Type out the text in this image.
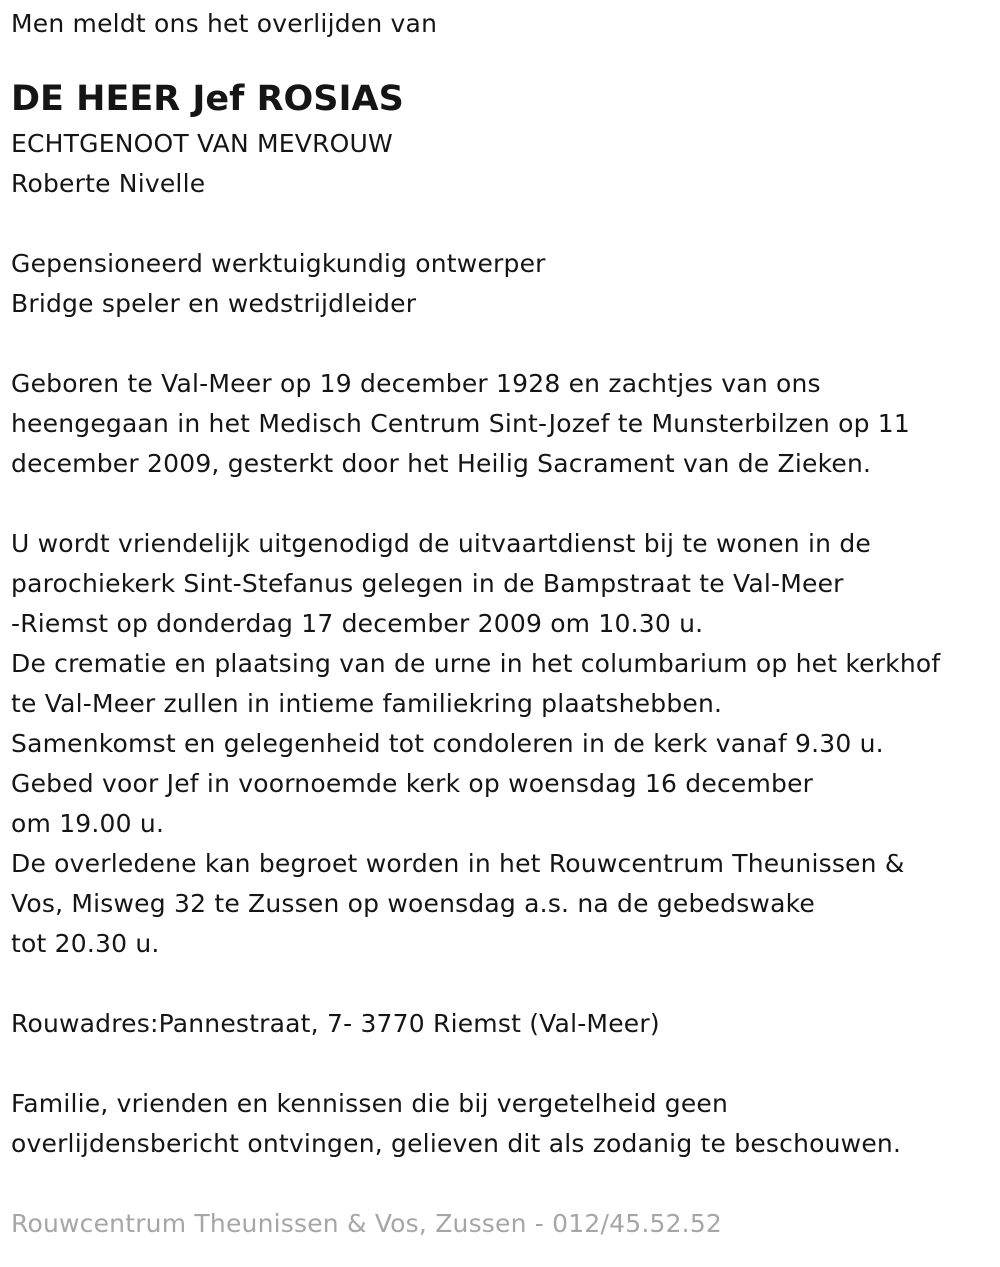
Men meldt ons het overlijden van
DE HEER Jef ROSIAS
ECHTGENOOT VAN MEVROUW
Roberte Nivelle
Gepensioneerd werktuigkundig ontwerper
Bridge speler en wedstrijdleider
Geboren te Val-Meer op 19 december 1928 en zachtjes van ons
heengegaan in het Medisch Centrum Sint-Jozef te Munsterbilzen op 11
december 2009, gesterkt door het Heilig Sacrament van de Zieken.
U wordt vriendelijk uitgenodigd de uitvaartdienst bij te wonen in de
parochiekerk Sint-Stefanus gelegen in de Bampstraat te Val-Meer
-Riemst op donderdag 17 december 2009 om 10.30 u.
De crematie en plaatsing van de urne in het columbarium op het kerkhof
te Val-Meer zullen in intieme familiekring plaatshebben.
Samenkomst en gelegenheid tot condoleren in de kerk vanaf 9.30 u.
Gebed voor Jef in voornoemde kerk op woensdag 16 december
om 19.00 u.
De overledene kan begroet worden in het Rouwcentrum Theunissen &
Vos, Misweg 32 te Zussen op woensdag a.s. na de gebedswake
tot 20.30 u.
Rouwadres:Pannestraat, 7- 3770 Riemst (Val-Meer)
Familie, vrienden en kennissen die bij vergetelheid geen
overlijdensbericht ontvingen, gelieven dit als zodanig te beschouwen.
Rouwcentrum Theunissen & Vos, Zussen - 012/45.52.52
